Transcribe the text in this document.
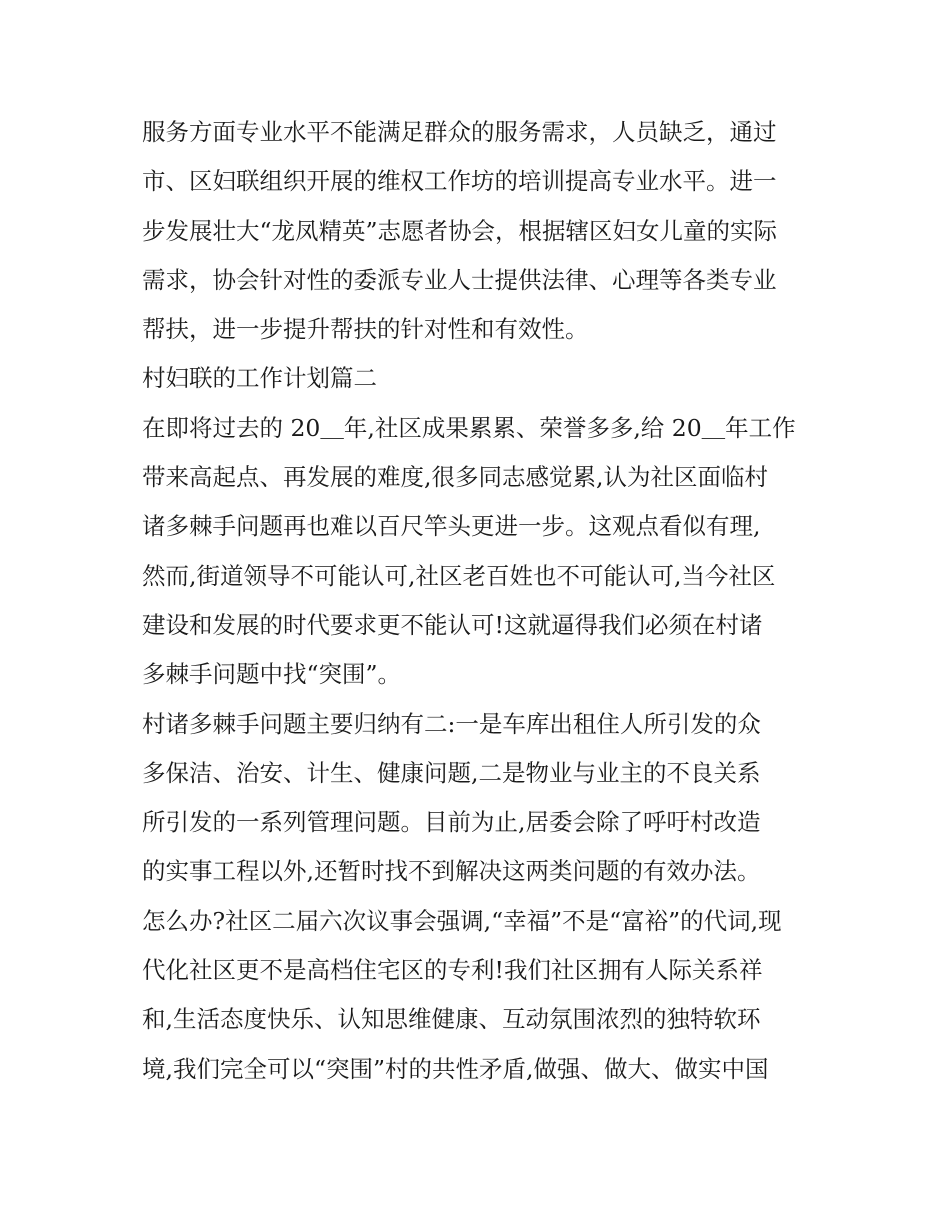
服务方面专业水平不能满足群众的服务需求，人员缺乏，通过
市、区妇联组织开展的维权工作坊的培训提高专业水平。进一
步发展壮大“龙凤精英”志愿者协会，根据辖区妇女儿童的实际
需求，协会针对性的委派专业人士提供法律、心理等各类专业
帮扶，进一步提升帮扶的针对性和有效性。
村妇联的工作计划篇二
在即将过去的 20＿年,社区成果累累、荣誉多多,给 20＿年工作
带来高起点、再发展的难度,很多同志感觉累,认为社区面临村
诸多棘手问题再也难以百尺竿头更进一步。这观点看似有理,
然而,街道领导不可能认可,社区老百姓也不可能认可,当今社区
建设和发展的时代要求更不能认可!这就逼得我们必须在村诸
多棘手问题中找“突围”。
村诸多棘手问题主要归纳有二:一是车库出租住人所引发的众
多保洁、治安、计生、健康问题,二是物业与业主的不良关系
所引发的一系列管理问题。目前为止,居委会除了呼吁村改造
的实事工程以外,还暂时找不到解决这两类问题的有效办法。
怎么办?社区二届六次议事会强调,“幸福”不是“富裕”的代词,现
代化社区更不是高档住宅区的专利!我们社区拥有人际关系祥
和,生活态度快乐、认知思维健康、互动氛围浓烈的独特软环
境,我们完全可以“突围”村的共性矛盾,做强、做大、做实中国
